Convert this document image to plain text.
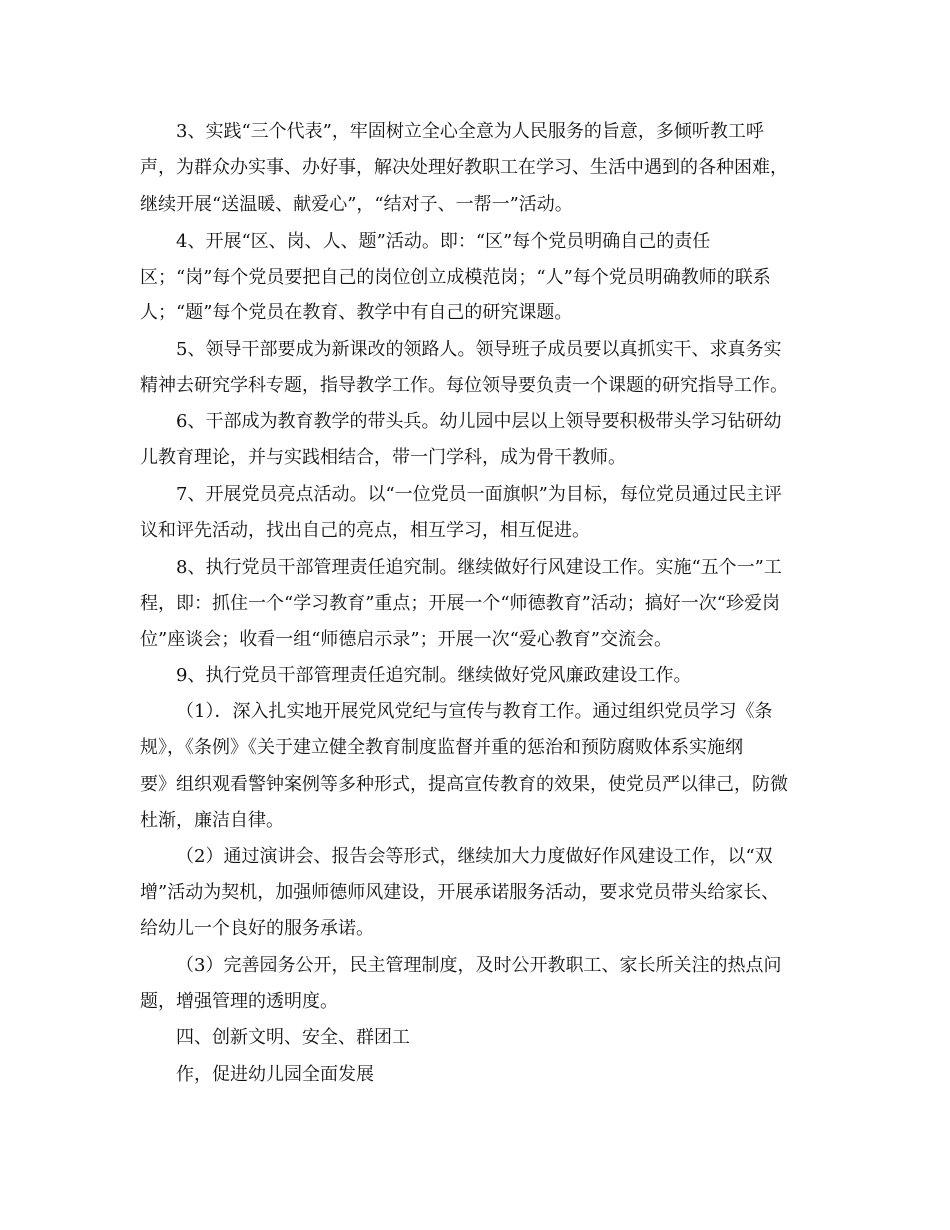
3、实践“三个代表”，牢固树立全心全意为人民服务的旨意，多倾听教工呼

声，为群众办实事、办好事，解决处理好教职工在学习、生活中遇到的各种困难，

继续开展“送温暖、献爱心”，“结对子、一帮一”活动。

4、开展“区、岗、人、题”活动。即：“区”每个党员明确自己的责任

区；“岗”每个党员要把自己的岗位创立成模范岗；“人”每个党员明确教师的联系

人；“题”每个党员在教育、教学中有自己的研究课题。

5、领导干部要成为新课改的领路人。领导班子成员要以真抓实干、求真务实

精神去研究学科专题，指导教学工作。每位领导要负责一个课题的研究指导工作。

6、干部成为教育教学的带头兵。幼儿园中层以上领导要积极带头学习钻研幼

儿教育理论，并与实践相结合，带一门学科，成为骨干教师。

7、开展党员亮点活动。以“一位党员一面旗帜”为目标，每位党员通过民主评

议和评先活动，找出自己的亮点，相互学习，相互促进。

8、执行党员干部管理责任追究制。继续做好行风建设工作。实施“五个一”工

程，即：抓住一个“学习教育”重点；开展一个“师德教育”活动；搞好一次“珍爱岗

位”座谈会；收看一组“师德启示录”；开展一次“爱心教育”交流会。

9、执行党员干部管理责任追究制。继续做好党风廉政建设工作。

（1）．深入扎实地开展党风党纪与宣传与教育工作。通过组织党员学习《条

规》，《条例》《关于建立健全教育制度监督并重的惩治和预防腐败体系实施纲

要》组织观看警钟案例等多种形式，提高宣传教育的效果，使党员严以律己，防微

杜渐，廉洁自律。

（2）通过演讲会、报告会等形式，继续加大力度做好作风建设工作，以“双

增”活动为契机，加强师德师风建设，开展承诺服务活动，要求党员带头给家长、

给幼儿一个良好的服务承诺。

（3）完善园务公开，民主管理制度，及时公开教职工、家长所关注的热点问

题，增强管理的透明度。

四、创新文明、安全、群团工

作，促进幼儿园全面发展
